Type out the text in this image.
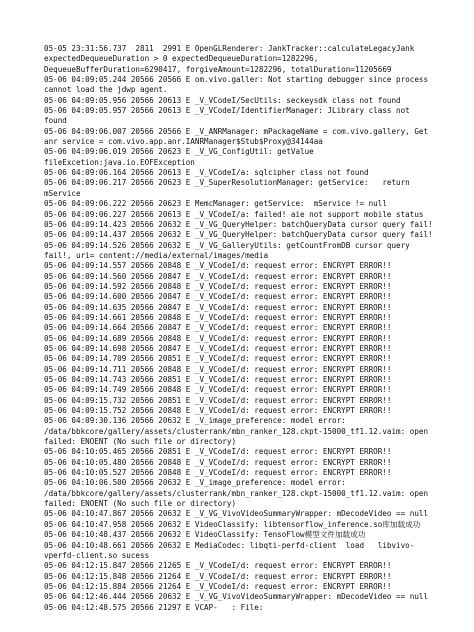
05-05 23:31:56.737  2811  2991 E OpenGLRenderer: JankTracker::calculateLegacyJank expectedDequeueDuration > 0 expectedDequeueDuration=1282296, DequeueBufferDuration=6290417, forgiveAmount=1282296, totalDuration=11205669
05-06 04:09:05.244 20566 20566 E om.vivo.galler: Not starting debugger since process cannot load the jdwp agent.
05-06 04:09:05.956 20566 20613 E _V_VCodeI/SecUtils: seckeysdk class not found
05-06 04:09:05.957 20566 20613 E _V_VCodeI/IdentifierManager: JLibrary class not found
05-06 04:09:06.007 20566 20566 E _V_ANRManager: mPackageName = com.vivo.gallery, Get anr service = com.vivo.app.anr.IANRManager$Stub$Proxy@34144aa
05-06 04:09:06.019 20566 20623 E _V_VG_ConfigUtil: getValue fileExcetion:java.io.EOFException
05-06 04:09:06.164 20566 20613 E _V_VCodeI/a: sqlcipher class not found
05-06 04:09:06.217 20566 20623 E _V_SuperResolutionManager: getService:   return mService
05-06 04:09:06.222 20566 20623 E MemcManager: getService:  mService != null
05-06 04:09:06.227 20566 20613 E _V_VCodeI/a: failed! aie not support mobile status
05-06 04:09:14.423 20566 20632 E _V_VG_QueryHelper: batchQueryData cursor query fail!
05-06 04:09:14.437 20566 20632 E _V_VG_QueryHelper: batchQueryData cursor query fail!
05-06 04:09:14.526 20566 20632 E _V_VG_GalleryUtils: getCountFromDB cursor query fail!, uri= content://media/external/images/media
05-06 04:09:14.557 20566 20848 E _V_VCodeI/d: request error: ENCRYPT ERROR!!
05-06 04:09:14.560 20566 20847 E _V_VCodeI/d: request error: ENCRYPT ERROR!!
05-06 04:09:14.592 20566 20848 E _V_VCodeI/d: request error: ENCRYPT ERROR!!
05-06 04:09:14.600 20566 20847 E _V_VCodeI/d: request error: ENCRYPT ERROR!!
05-06 04:09:14.635 20566 20847 E _V_VCodeI/d: request error: ENCRYPT ERROR!!
05-06 04:09:14.661 20566 20848 E _V_VCodeI/d: request error: ENCRYPT ERROR!!
05-06 04:09:14.664 20566 20847 E _V_VCodeI/d: request error: ENCRYPT ERROR!!
05-06 04:09:14.689 20566 20848 E _V_VCodeI/d: request error: ENCRYPT ERROR!!
05-06 04:09:14.698 20566 20847 E _V_VCodeI/d: request error: ENCRYPT ERROR!!
05-06 04:09:14.709 20566 20851 E _V_VCodeI/d: request error: ENCRYPT ERROR!!
05-06 04:09:14.711 20566 20848 E _V_VCodeI/d: request error: ENCRYPT ERROR!!
05-06 04:09:14.743 20566 20851 E _V_VCodeI/d: request error: ENCRYPT ERROR!!
05-06 04:09:14.749 20566 20848 E _V_VCodeI/d: request error: ENCRYPT ERROR!!
05-06 04:09:15.732 20566 20851 E _V_VCodeI/d: request error: ENCRYPT ERROR!!
05-06 04:09:15.752 20566 20848 E _V_VCodeI/d: request error: ENCRYPT ERROR!!
05-06 04:09:30.136 20566 20632 E _V_image_preference: model error: /data/bbkcore/gallery/assets/clusterrank/mbn_ranker_128.ckpt-15000_tf1.12.vaim: open failed: ENOENT (No such file or directory)
05-06 04:10:05.465 20566 20851 E _V_VCodeI/d: request error: ENCRYPT ERROR!!
05-06 04:10:05.480 20566 20848 E _V_VCodeI/d: request error: ENCRYPT ERROR!!
05-06 04:10:05.527 20566 20848 E _V_VCodeI/d: request error: ENCRYPT ERROR!!
05-06 04:10:06.500 20566 20632 E _V_image_preference: model error: /data/bbkcore/gallery/assets/clusterrank/mbn_ranker_128.ckpt-15000_tf1.12.vaim: open failed: ENOENT (No such file or directory)
05-06 04:10:47.867 20566 20632 E _V_VG_VivoVideoSummaryWrapper: mDecodeVideo == null
05-06 04:10:47.958 20566 20632 E VideoClassify: libtensorflow_inference.so库加载成功
05-06 04:10:48.437 20566 20632 E VideoClassify: TensoFlow模型文件加载成功
05-06 04:10:48.661 20566 20632 E MediaCodec: libqti-perfd-client  load   libvivo-vperfd-client.so sucess
05-06 04:12:15.847 20566 21265 E _V_VCodeI/d: request error: ENCRYPT ERROR!!
05-06 04:12:15.848 20566 21264 E _V_VCodeI/d: request error: ENCRYPT ERROR!!
05-06 04:12:15.884 20566 21264 E _V_VCodeI/d: request error: ENCRYPT ERROR!!
05-06 04:12:46.444 20566 20632 E _V_VG_VivoVideoSummaryWrapper: mDecodeVideo == null
05-06 04:12:48.575 20566 21297 E VCAP-   : File:
